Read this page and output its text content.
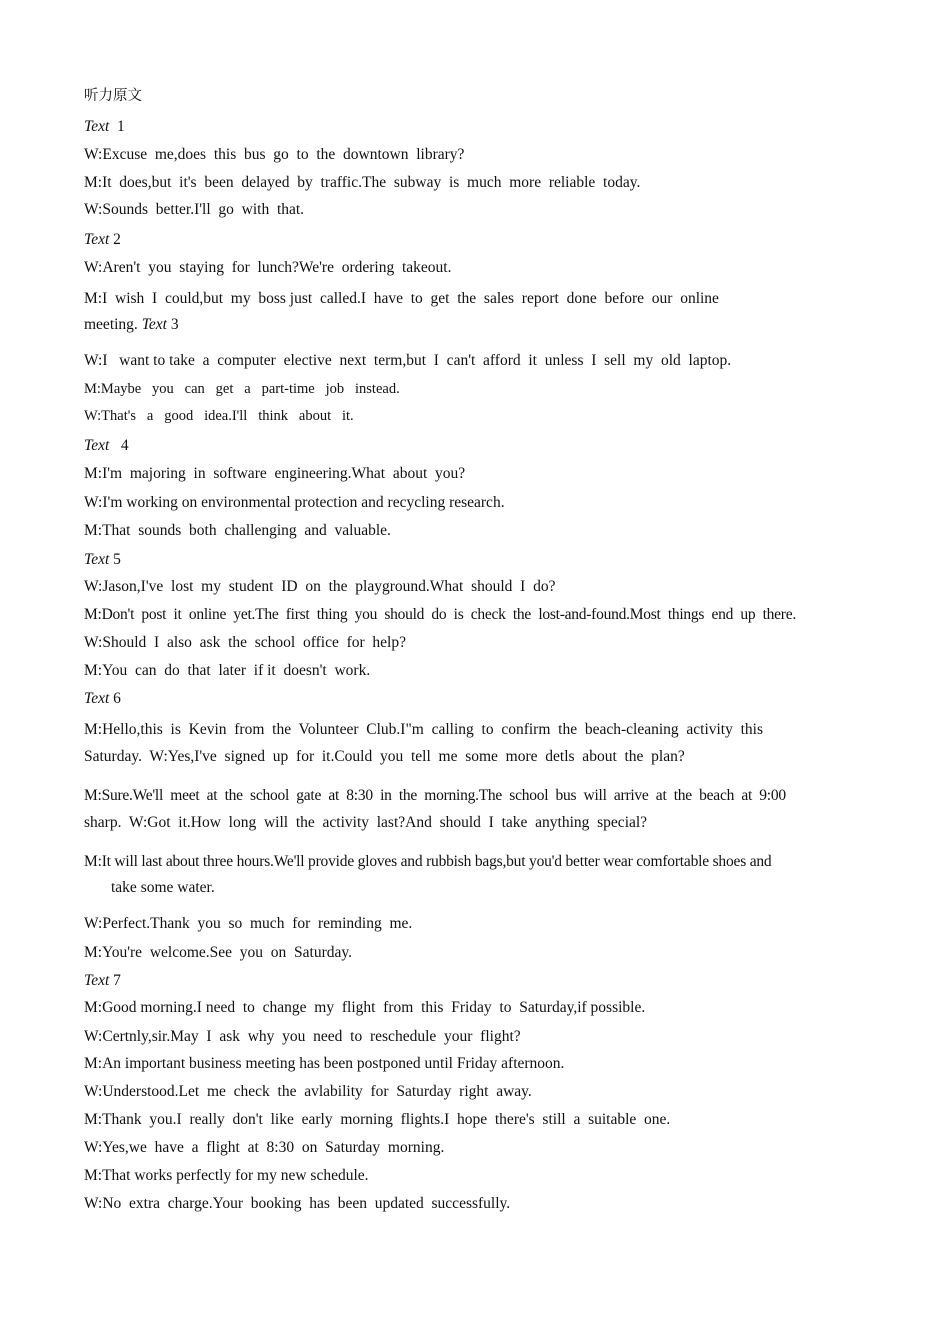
听力原文

Text 1

W:Excuse  me,does  this  bus  go  to  the  downtown  library?

M:It  does,but  it's  been  delayed  by  traffic.The  subway  is  much  more  reliable  today.

W:Sounds  better.I'll  go  with  that.

Text 2

W:Aren't  you  staying  for  lunch?We're  ordering  takeout.

M:I  wish  I  could,but  my  boss just  called.I  have  to  get  the  sales  report  done  before  our  online

meeting. Text 3

W:I   want to take  a  computer  elective  next  term,but  I  can't  afford  it  unless  I  sell  my  old  laptop.

M:Maybe   you   can   get   a   part-time   job   instead.

W:That's   a   good   idea.I'll   think   about   it.

Text 4

M:I'm  majoring  in  software  engineering.What  about  you?

W:I'm working on environmental protection and recycling research.

M:That  sounds  both  challenging  and  valuable.

Text 5

W:Jason,I've  lost  my  student  ID  on  the  playground.What  should  I  do?

M:Don't  post  it  online  yet.The  first  thing  you  should  do  is  check  the  lost-and-found.Most  things  end  up  there.

W:Should  I  also  ask  the  school  office  for  help?

M:You  can  do  that  later  if it  doesn't  work.

Text 6

M:Hello,this  is  Kevin  from  the  Volunteer  Club.I"m  calling  to  confirm  the  beach-cleaning  activity  this

Saturday.  W:Yes,I've  signed  up  for  it.Could  you  tell  me  some  more  detls  about  the  plan?

M:Sure.We'll  meet  at  the  school  gate  at  8:30  in  the  morning.The  school  bus  will  arrive  at  the  beach  at  9:00

sharp.  W:Got  it.How  long  will  the  activity  last?And  should  I  take  anything  special?

M:It will last about three hours.We'll provide gloves and rubbish bags,but you'd better wear comfortable shoes and

take some water.

W:Perfect.Thank  you  so  much  for  reminding  me.

M:You're  welcome.See  you  on  Saturday.

Text 7

M:Good morning.I need  to  change  my  flight  from  this  Friday  to  Saturday,if possible.

W:Certnly,sir.May  I  ask  why  you  need  to  reschedule  your  flight?

M:An important business meeting has been postponed until Friday afternoon.

W:Understood.Let  me  check  the  avlability  for  Saturday  right  away.

M:Thank  you.I  really  don't  like  early  morning  flights.I  hope  there's  still  a  suitable  one.

W:Yes,we  have  a  flight  at  8:30  on  Saturday  morning.

M:That works perfectly for my new schedule.

W:No  extra  charge.Your  booking  has  been  updated  successfully.
